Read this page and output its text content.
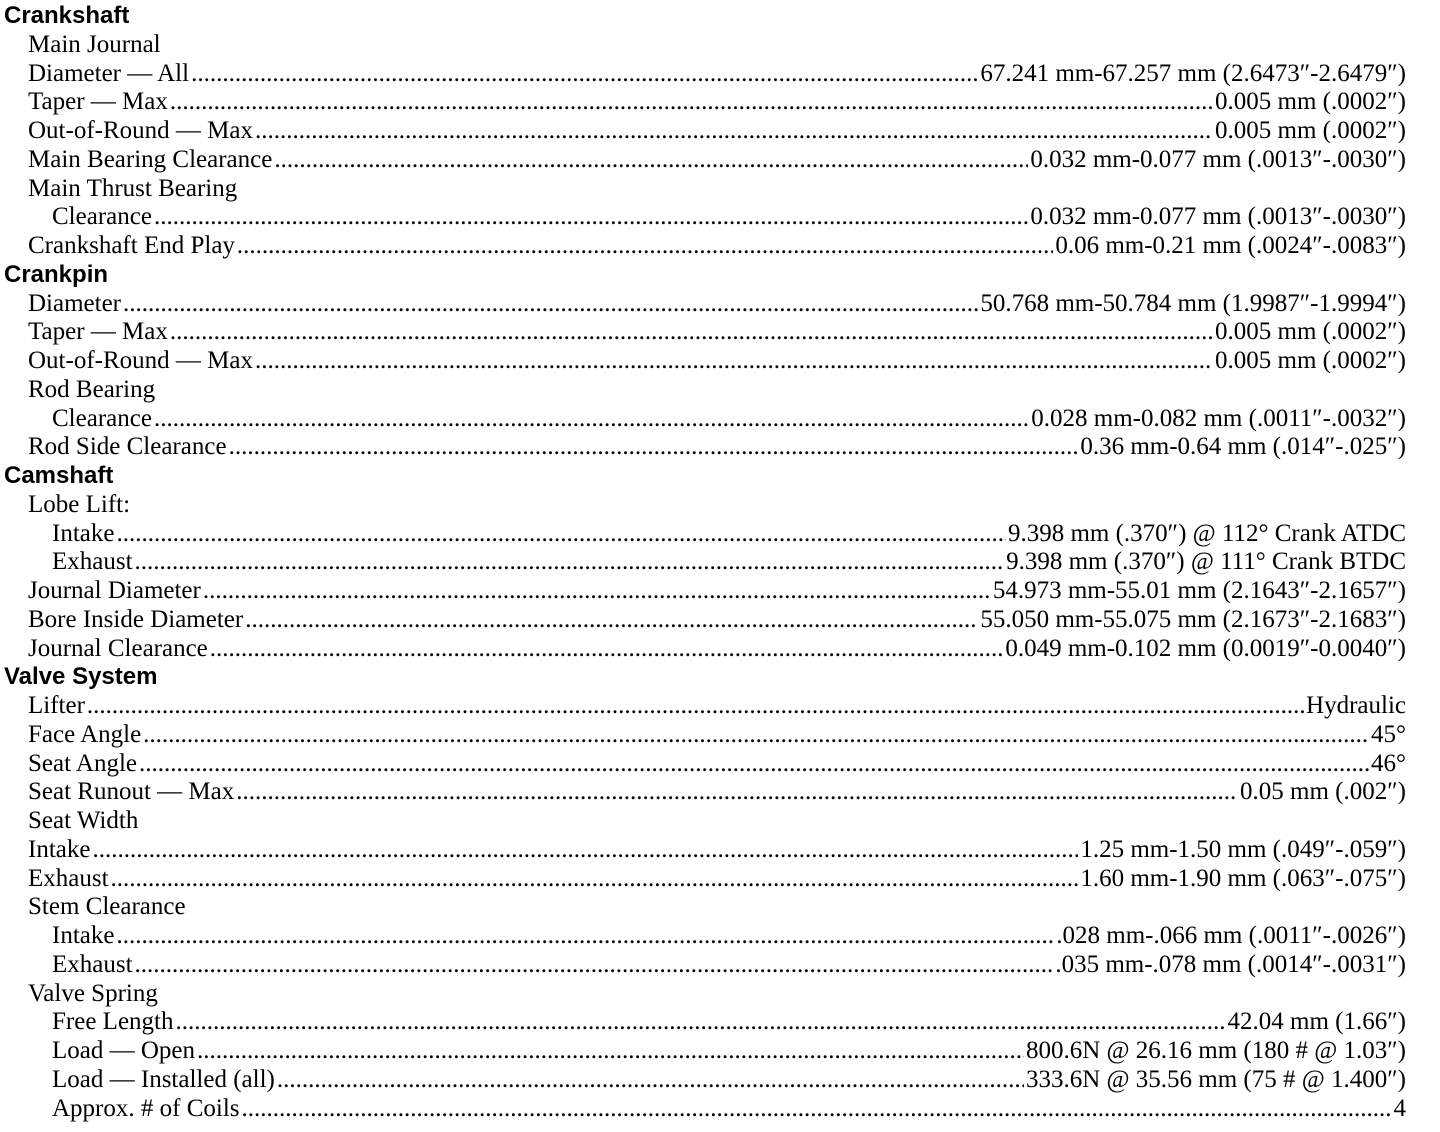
Crankshaft
Main Journal
Diameter — All .....	67.241 mm-67.257 mm (2.6473″-2.6479″)
Taper — Max .....	0.005 mm (.0002″)
Out-of-Round — Max .....	0.005 mm (.0002″)
Main Bearing Clearance .....	0.032 mm-0.077 mm (.0013″-.0030″)
Main Thrust Bearing
Clearance .....	0.032 mm-0.077 mm (.0013″-.0030″)
Crankshaft End Play .....	0.06 mm-0.21 mm (.0024″-.0083″)
Crankpin
Diameter .....	50.768 mm-50.784 mm (1.9987″-1.9994″)
Taper — Max .....	0.005 mm (.0002″)
Out-of-Round — Max .....	0.005 mm (.0002″)
Rod Bearing
Clearance .....	0.028 mm-0.082 mm (.0011″-.0032″)
Rod Side Clearance .....	0.36 mm-0.64 mm (.014″-.025″)
Camshaft
Lobe Lift:
Intake .....	9.398 mm (.370″) @ 112° Crank ATDC
Exhaust .....	9.398 mm (.370″) @ 111° Crank BTDC
Journal Diameter .....	54.973 mm-55.01 mm (2.1643″-2.1657″)
Bore Inside Diameter .....	55.050 mm-55.075 mm (2.1673″-2.1683″)
Journal Clearance .....	0.049 mm-0.102 mm (0.0019″-0.0040″)
Valve System
Lifter .....	Hydraulic
Face Angle .....	45°
Seat Angle .....	46°
Seat Runout — Max .....	0.05 mm (.002″)
Seat Width
Intake .....	1.25 mm-1.50 mm (.049″-.059″)
Exhaust .....	1.60 mm-1.90 mm (.063″-.075″)
Stem Clearance
Intake .....	.028 mm-.066 mm (.0011″-.0026″)
Exhaust .....	.035 mm-.078 mm (.0014″-.0031″)
Valve Spring
Free Length .....	42.04 mm (1.66″)
Load — Open .....	800.6N @ 26.16 mm (180 # @ 1.03″)
Load — Installed (all) .....	333.6N @ 35.56 mm (75 # @ 1.400″)
Approx. # of Coils .....	4
